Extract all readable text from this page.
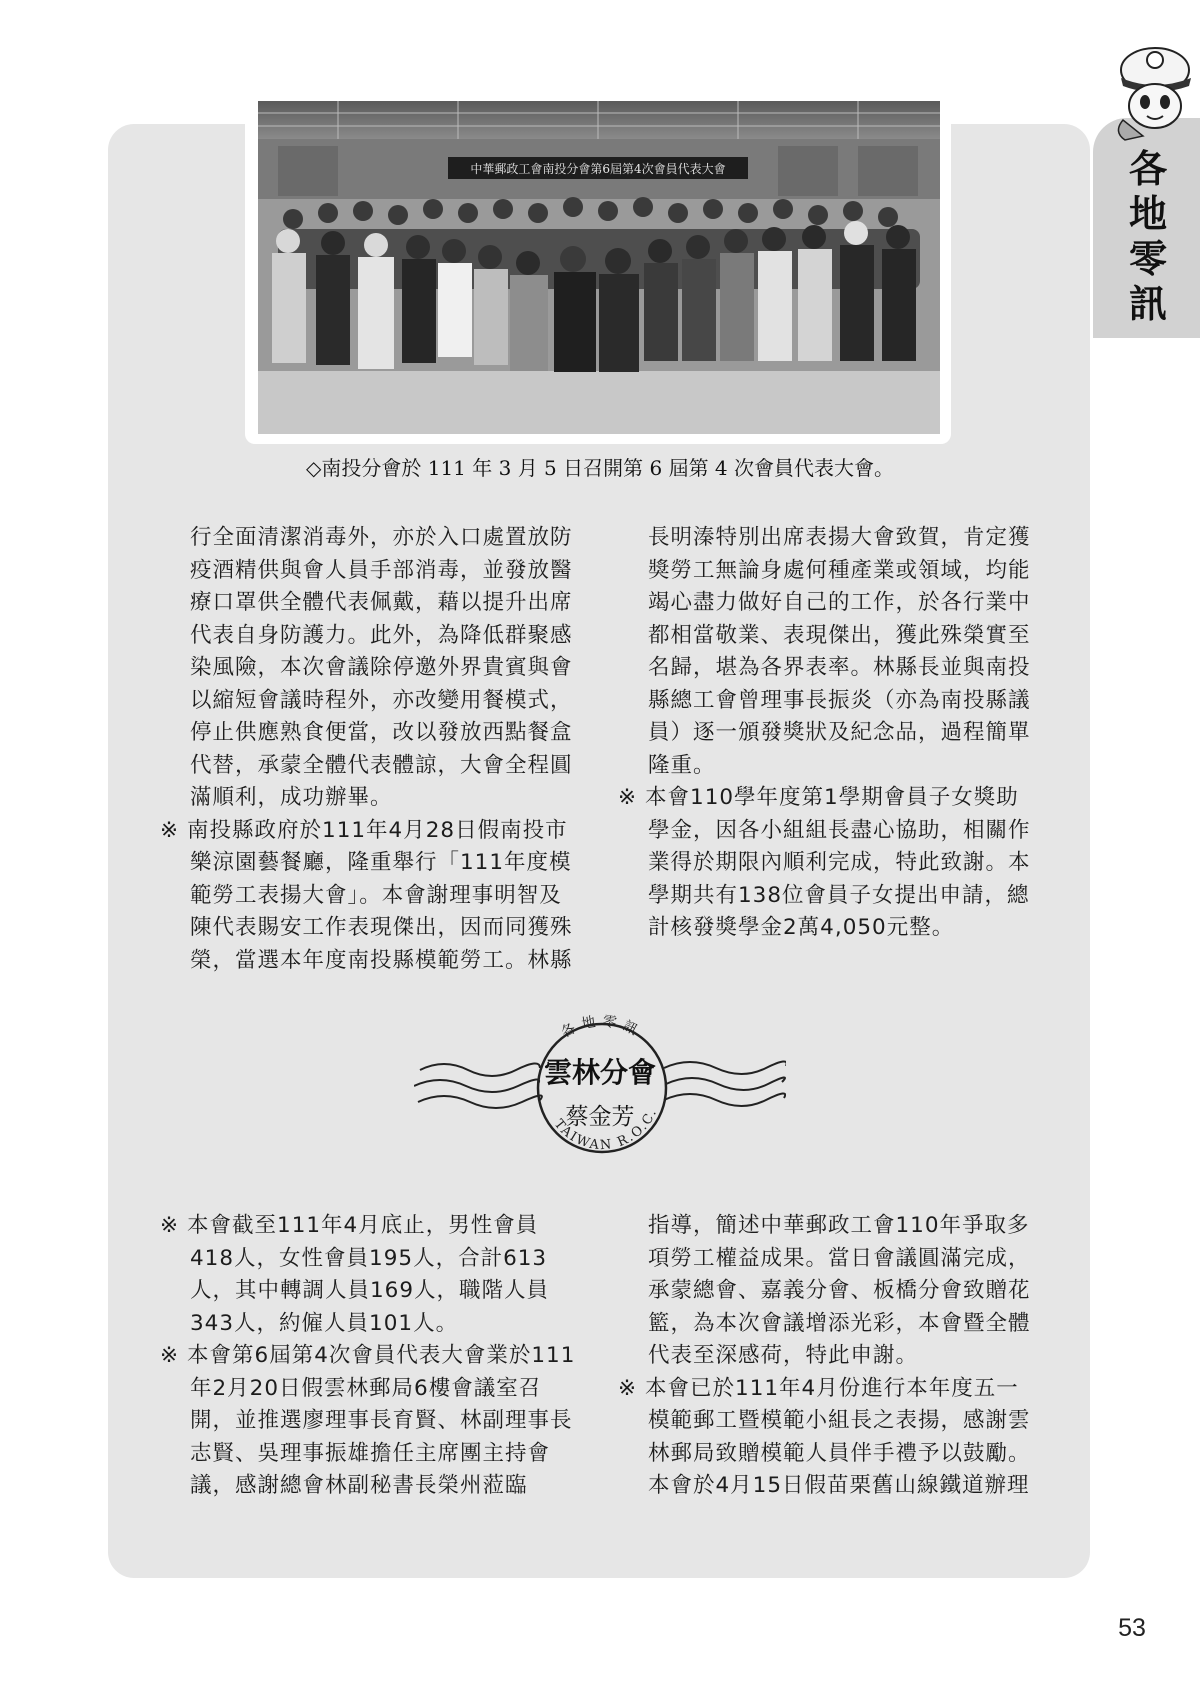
各地零訊
中華郵政工會南投分會第6屆第4次會員代表大會
◇南投分會於 111 年 3 月 5 日召開第 6 屆第 4 次會員代表大會。

行全面清潔消毒外，亦於入口處置放防疫酒精供與會人員手部消毒，並發放醫療口罩供全體代表佩戴，藉以提升出席代表自身防護力。此外，為降低群聚感染風險，本次會議除停邀外界貴賓與會以縮短會議時程外，亦改變用餐模式，停止供應熟食便當，改以發放西點餐盒代替，承蒙全體代表體諒，大會全程圓滿順利，成功辦畢。

※ 南投縣政府於111年4月28日假南投市樂涼園藝餐廳，隆重舉行「111年度模範勞工表揚大會」。本會謝理事明智及陳代表賜安工作表現傑出，因而同獲殊榮，當選本年度南投縣模範勞工。林縣

長明溱特別出席表揚大會致賀，肯定獲獎勞工無論身處何種產業或領域，均能竭心盡力做好自己的工作，於各行業中都相當敬業、表現傑出，獲此殊榮實至名歸，堪為各界表率。林縣長並與南投縣總工會曾理事長振炎（亦為南投縣議員）逐一頒發獎狀及紀念品，過程簡單隆重。

※ 本會110學年度第1學期會員子女獎助學金，因各小組組長盡心協助，相關作業得於期限內順利完成，特此致謝。本學期共有138位會員子女提出申請，總計核發獎學金2萬4,050元整。

各地零訊
TAIWAN R.O.C.
雲林分會
蔡金芳

※ 本會截至111年4月底止，男性會員418人，女性會員195人，合計613人，其中轉調人員169人，職階人員343人，約僱人員101人。

※ 本會第6屆第4次會員代表大會業於111年2月20日假雲林郵局6樓會議室召開，並推選廖理事長育賢、林副理事長志賢、吳理事振雄擔任主席團主持會議，感謝總會林副秘書長榮州蒞臨

指導，簡述中華郵政工會110年爭取多項勞工權益成果。當日會議圓滿完成，承蒙總會、嘉義分會、板橋分會致贈花籃，為本次會議增添光彩，本會暨全體代表至深感荷，特此申謝。

※ 本會已於111年4月份進行本年度五一模範郵工暨模範小組長之表揚，感謝雲林郵局致贈模範人員伴手禮予以鼓勵。本會於4月15日假苗栗舊山線鐵道辦理

53
